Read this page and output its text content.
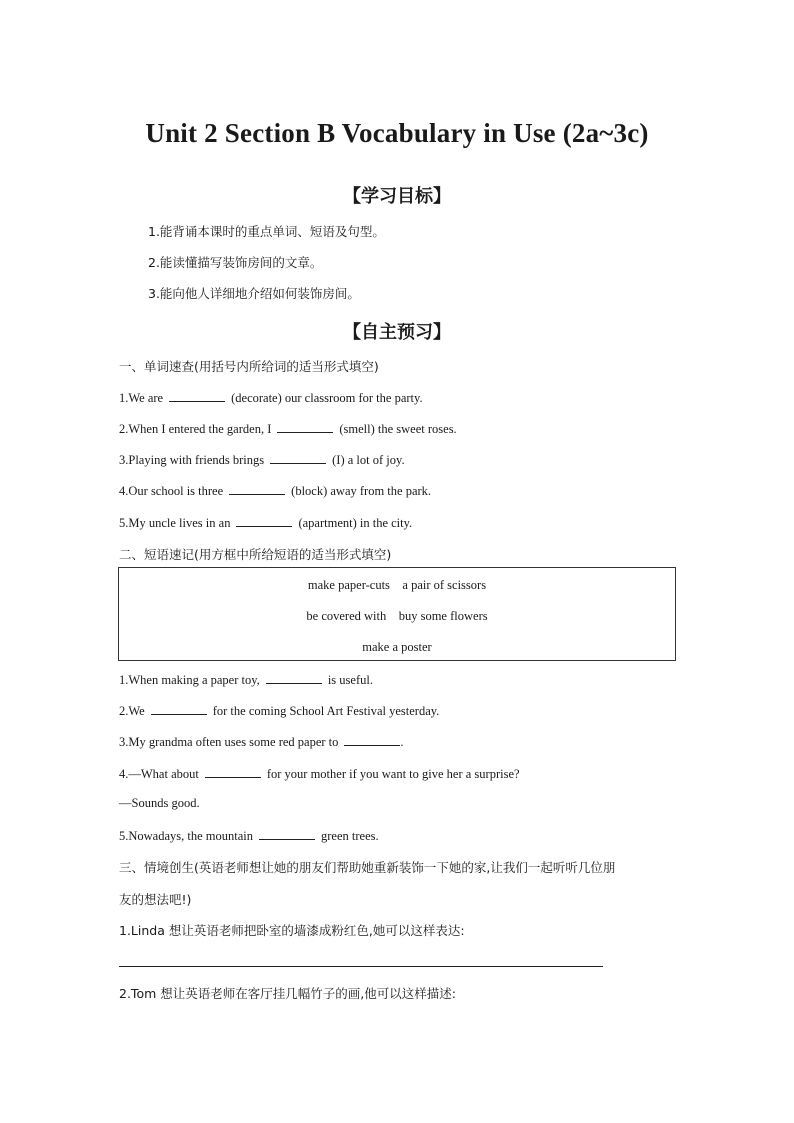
Unit 2 Section B Vocabulary in Use (2a~3c)
【学习目标】
1.能背诵本课时的重点单词、短语及句型。
2.能读懂描写装饰房间的文章。
3.能向他人详细地介绍如何装饰房间。
【自主预习】
一、单词速查(用括号内所给词的适当形式填空)
1.We are	(decorate) our classroom for the party.
2.When I entered the garden, I	(smell) the sweet roses.
3.Playing with friends brings	(I) a lot of joy.
4.Our school is three	(block) away from the park.
5.My uncle lives in an	(apartment) in the city.
二、短语速记(用方框中所给短语的适当形式填空)
make paper-cuts    a pair of scissors
be covered with    buy some flowers
make a poster
1.When making a paper toy,	is useful.
2.We	for the coming School Art Festival yesterday.
3.My grandma often uses some red paper to	.
4.—What about	for your mother if you want to give her a surprise?
—Sounds good.
5.Nowadays, the mountain	green trees.
三、情境创生(英语老师想让她的朋友们帮助她重新装饰一下她的家,让我们一起听听几位朋
友的想法吧!)
1.Linda 想让英语老师把卧室的墙漆成粉红色,她可以这样表达:
2.Tom 想让英语老师在客厅挂几幅竹子的画,他可以这样描述:
